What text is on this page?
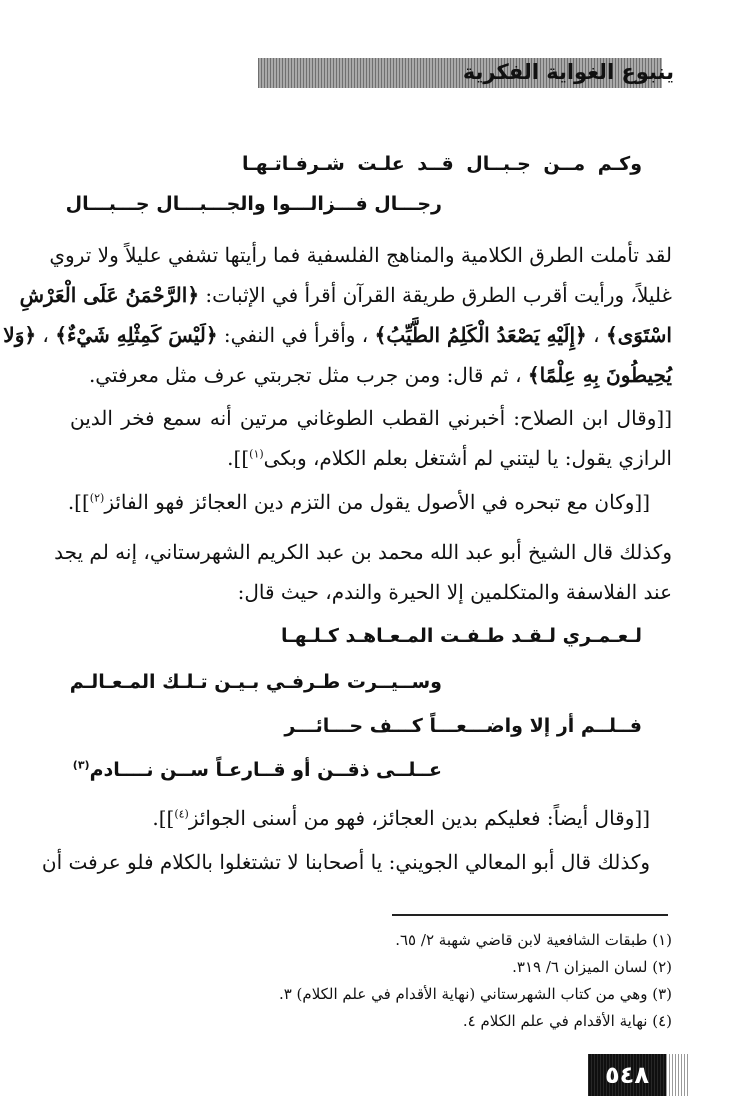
ينبوع الغواية الفكرية
وكـم مــن جـبــال قــد علـت شـرفـاتـهـا
رجـــال فـــزالـــوا والجـــبـــال جـــبـــال
لقد تأملت الطرق الكلامية والمناهج الفلسفية فما رأيتها تشفي عليلاً ولا تروي
غليلاً، ورأيت أقرب الطرق طريقة القرآن أقرأ في الإثبات: ﴿الرَّحْمَنُ عَلَى الْعَرْشِ
اسْتَوَى﴾ ، ﴿إِلَيْهِ يَصْعَدُ الْكَلِمُ الطَّيِّبُ﴾ ، وأقرأ في النفي: ﴿لَيْسَ كَمِثْلِهِ شَيْءٌ﴾ ، ﴿وَلا
يُحِيطُونَ بِهِ عِلْمًا﴾ ، ثم قال: ومن جرب مثل تجربتي عرف مثل معرفتي.
[[وقال ابن الصلاح: أخبرني القطب الطوغاني مرتين أنه سمع فخر الدين
الرازي يقول: يا ليتني لم أشتغل بعلم الكلام، وبكى$^{(١)}$]].
[[وكان مع تبحره في الأصول يقول من التزم دين العجائز فهو الفائز$^{(٢)}$]].
وكذلك قال الشيخ أبو عبد الله محمد بن عبد الكريم الشهرستاني، إنه لم يجد
عند الفلاسفة والمتكلمين إلا الحيرة والندم، حيث قال:
لـعـمـري لـقـد طـفـت المـعـاهـد كـلـهـا
وســيــرت طـرفـي بـيـن تـلـك المـعـالـم
فــلــم أر إلا واضـــعـــاً كـــف حـــائـــر
عــلــى ذقــن أو قــارعـاً ســن نــــادم$^{(٣)}$
[[وقال أيضاً: فعليكم بدين العجائز، فهو من أسنى الجوائز$^{(٤)}$]].
وكذلك قال أبو المعالي الجويني: يا أصحابنا لا تشتغلوا بالكلام فلو عرفت أن
(١) طبقات الشافعية لابن قاضي شهبة ٢/ ٦٥.
(٢) لسان الميزان ٦/ ٣١٩.
(٣) وهي من كتاب الشهرستاني (نهاية الأقدام في علم الكلام) ٣.
(٤) نهاية الأقدام في علم الكلام ٤.
٥٤٨
